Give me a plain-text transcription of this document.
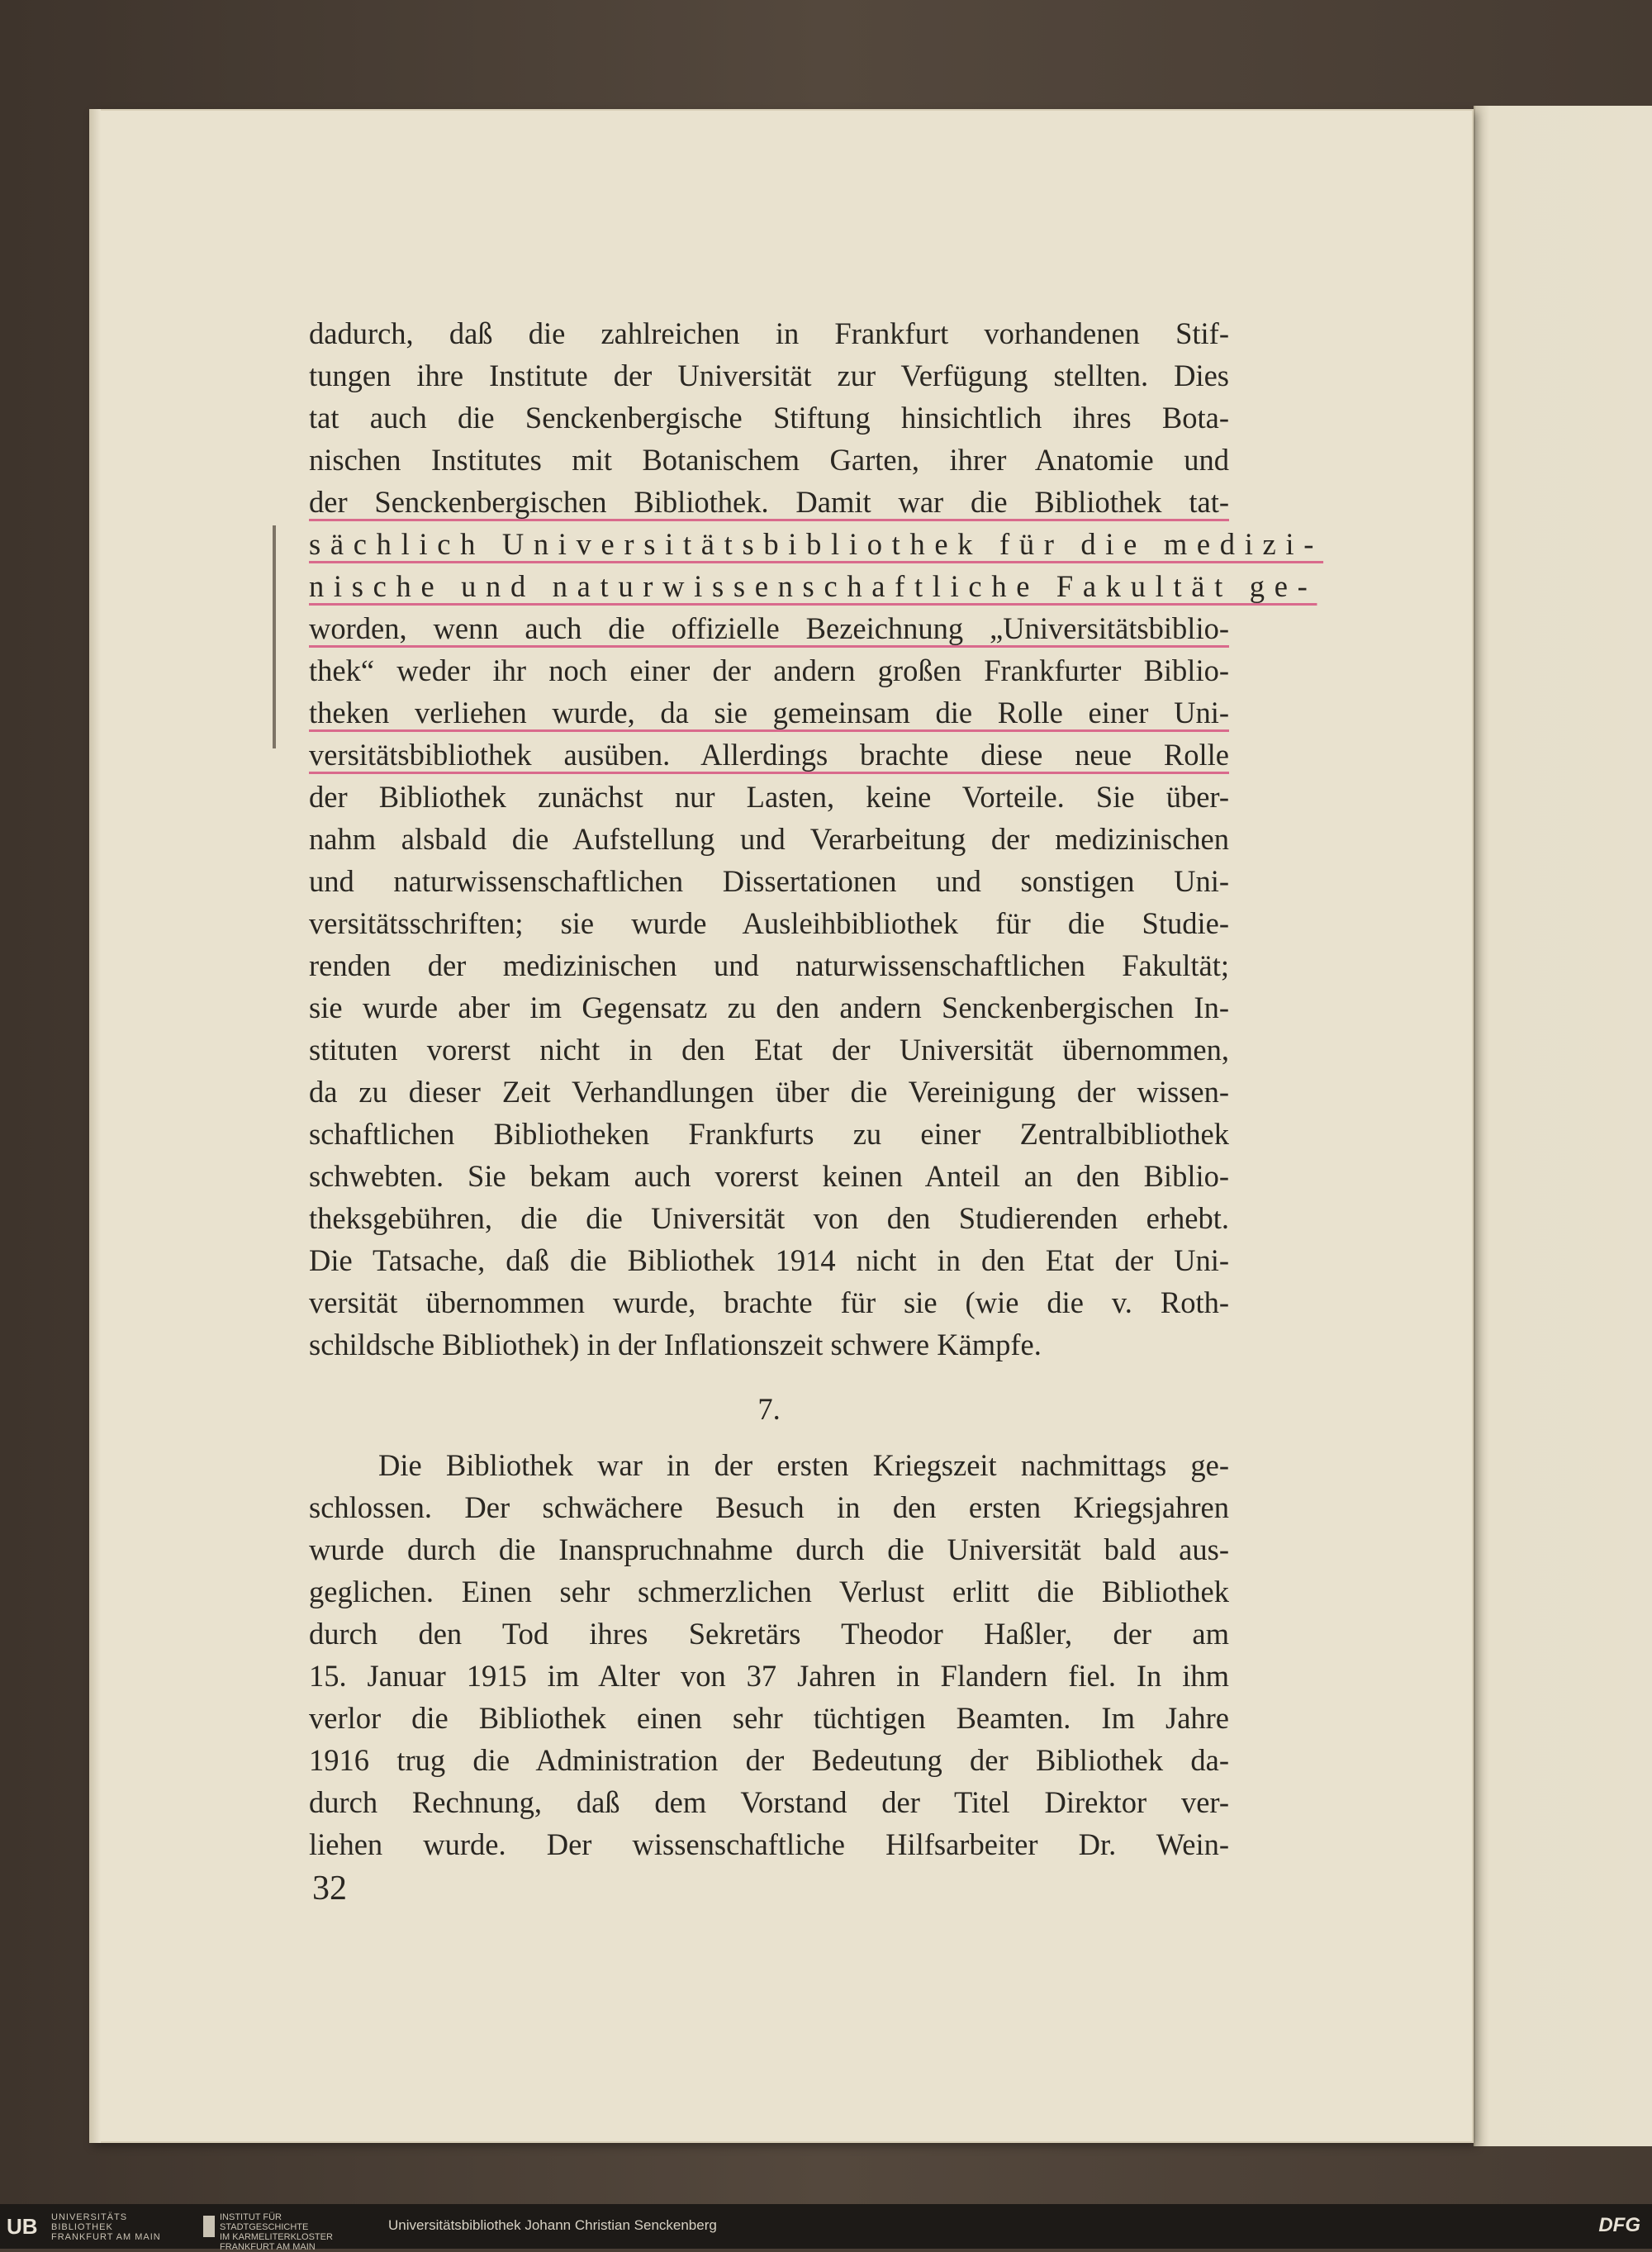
dadurch, daß die zahlreichen in Frankfurt vorhandenen Stif-
tungen ihre Institute der Universität zur Verfügung stellten. Dies
tat auch die Senckenbergische Stiftung hinsichtlich ihres Bota-
nischen Institutes mit Botanischem Garten, ihrer Anatomie und
der Senckenbergischen Bibliothek. Damit war die Bibliothek tat-
sächlich Universitätsbibliothek für die medizi-
nische und naturwissenschaftliche Fakultät ge-
worden, wenn auch die offizielle Bezeichnung „Universitätsbiblio-
thek“ weder ihr noch einer der andern großen Frankfurter Biblio-
theken verliehen wurde, da sie gemeinsam die Rolle einer Uni-
versitätsbibliothek ausüben. Allerdings brachte diese neue Rolle
der Bibliothek zunächst nur Lasten, keine Vorteile. Sie über-
nahm alsbald die Aufstellung und Verarbeitung der medizinischen
und naturwissenschaftlichen Dissertationen und sonstigen Uni-
versitätsschriften; sie wurde Ausleihbibliothek für die Studie-
renden der medizinischen und naturwissenschaftlichen Fakultät;
sie wurde aber im Gegensatz zu den andern Senckenbergischen In-
stituten vorerst nicht in den Etat der Universität übernommen,
da zu dieser Zeit Verhandlungen über die Vereinigung der wissen-
schaftlichen Bibliotheken Frankfurts zu einer Zentralbibliothek
schwebten. Sie bekam auch vorerst keinen Anteil an den Biblio-
theksgebühren, die die Universität von den Studierenden erhebt.
Die Tatsache, daß die Bibliothek 1914 nicht in den Etat der Uni-
versität übernommen wurde, brachte für sie (wie die v. Roth-
schildsche Bibliothek) in der Inflationszeit schwere Kämpfe.
7.
Die Bibliothek war in der ersten Kriegszeit nachmittags ge-
schlossen. Der schwächere Besuch in den ersten Kriegsjahren
wurde durch die Inanspruchnahme durch die Universität bald aus-
geglichen. Einen sehr schmerzlichen Verlust erlitt die Bibliothek
durch den Tod ihres Sekretärs Theodor Haßler, der am
15. Januar 1915 im Alter von 37 Jahren in Flandern fiel. In ihm
verlor die Bibliothek einen sehr tüchtigen Beamten. Im Jahre
1916 trug die Administration der Bedeutung der Bibliothek da-
durch Rechnung, daß dem Vorstand der Titel Direktor ver-
liehen wurde. Der wissenschaftliche Hilfsarbeiter Dr. Wein-
32
UB UNIVERSITÄTS
BIBLIOTHEK
FRANKFURT AM MAIN
INSTITUT FÜR
STADTGESCHICHTE
IM KARMELITERKLOSTER
FRANKFURT AM MAIN
Universitätsbibliothek Johann Christian Senckenberg	DFG
